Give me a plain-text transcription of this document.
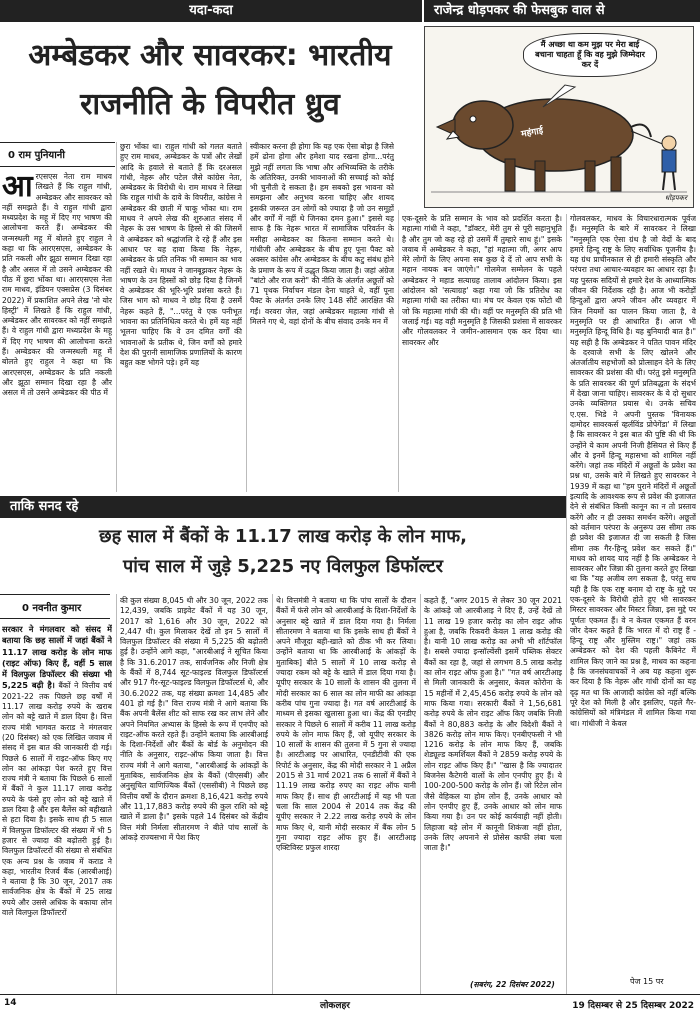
यदा-कदा	राजेन्द्र धोड़पकर की फेसबुक वाल से
अम्बेडकर और सावरकर: भारतीय
राजनीति के विपरीत ध्रुव
मैं अच्छा था कम मुझ पर मेरा बाई बचाना चाहता हूँ कि वह मुझे जिम्मेदार कर दें
महंगाई
धोड़पकर
0 राम पुनियानी
आरएसएस नेता राम माधव लिखते हैं कि राहुल गांधी, अम्बेडकर और सावरकर को नहीं समझते हैं। वे राहुल गांधी द्वारा मध्यप्रदेश के महू में दिए गए भाषण की आलोचना करते हैं। अम्बेडकर की जन्मस्थली महू में बोलते हुए राहुल ने कहा था कि आरएसएस, अम्बेडकर के प्रति नकली और झूठा सम्मान दिखा रहा है और असल में तो उसने अम्बेडकर की पीठ में छुरा भोंका था। आरएसएस नेता राम माधव, इंडियन एक्सप्रेस (3 दिसंबर 2022) में प्रकाशित अपने लेख 'नो योर हिस्ट्री' में लिखते हैं कि राहुल गांधी, अम्बेडकर और सावरकर को नहीं समझते हैं। वे राहुल गांधी द्वारा मध्यप्रदेश के महू में दिए गए भाषण की आलोचना करते हैं। अम्बेडकर की जन्मस्थली महू में बोलते हुए राहुल ने कहा था कि आरएसएस, अम्बेडकर के प्रति नकली और झूठा सम्मान दिखा रहा है और असल में तो उसने अम्बेडकर की पीठ में
छुरा भोंका था। राहुल गांधी को गलत बताते हुए राम माधव, अम्बेडकर के पत्रों और लेखों आदि के हवाले से बताते हैं कि दरअसल गांधी, नेहरू और पटेल जैसे कांग्रेस नेता, अम्बेडकर के विरोधी थे। राम माधव ने लिखा कि राहुल गांधी के दावे के विपरीत, कांग्रेस ने अम्बेडकर की छाती में चाकू भोंका था। राम माधव ने अपने लेख की शुरुआत संसद में नेहरू के उस भाषण के हिस्से से की जिसमें वे अम्बेडकर को श्रद्धांजलि दे रहे हैं और इस आधार पर यह दावा किया कि नेहरू, अम्बेडकर के प्रति तनिक भी सम्मान का भाव नहीं रखते थे। माधव ने जानबूझकर नेहरू के भाषण के उन हिस्सों को छोड़ दिया है जिनमें वे अम्बेडकर की भूरि-भूरि प्रशंसा करते हैं। जिस भाग को माधव ने छोड़ दिया है उसमें नेहरू कहते हैं, "...परंतु वे एक पनीभूत भावना का प्रतिनिधित्व करते थे। हमें यह नहीं भूलना चाहिए कि वे उन दमित वर्गों की भावनाओं के प्रतीक थे, जिन वर्गों को हमारे देश की पुरानी सामाजिक प्रणालियों के कारण बहुत कष्ट भोगने पड़े। हमें यह
स्वीकार करना ही होगा कि यह एक ऐसा बोझ है जिसे हमें ढोना होगा और हमेशा याद रखना होगा...परंतु मुझे नहीं लगता कि भाषा और अभिव्यक्ति के तरीके के अतिरिक्त, उनकी भावनाओं की सच्चाई को कोई भी चुनौती दे सकता है। हम सबको इस भावना को समझना और अनुभव करना चाहिए और शायद इसकी जरूरत उन लोगों को ज्यादा है जो उन समूहों और वर्गों में नहीं थे जिनका दमन हुआ।" इससे यह साफ है कि नेहरू भारत में सामाजिक परिवर्तन के मसीहा अम्बेडकर का कितना सम्मान करते थे। गांधीजी और अम्बेडकर के बीच हुए पूना पैक्ट को अक्सर कांग्रेस और अम्बेडकर के बीच कटु संबंध होने के प्रमाण के रूप में उद्धृत किया जाता है। जहां अंग्रेज "बांटो और राज करो" की नीति के अंतर्गत अछूतों को 71 पृथक निर्वाचन मंडल देना चाहते थे, वहीं पूना पैक्ट के अंतर्गत उनके लिए 148 सीटें आरक्षित की गईं। वरवरा जेल, जहां अम्बेडकर महात्मा गांधी से मिलने गए थे, वहां दोनों के बीच संवाद उनके मन में
एक-दूसरे के प्रति सम्मान के भाव को प्रदर्शित करता है। महात्मा गांधी ने कहा, "डॉक्टर, मेरी तुम से पूरी सहानुभूति है और तुम जो कह रहे हो उसमें मैं तुम्हारे साथ हूं।" इसके जवाब में अम्बेडकर ने कहा, "हां महात्मा जी, अगर आप मेरे लोगों के लिए अपना सब कुछ दे दें तो आप सभी के महान नायक बन जाएंगे।" गोलमेज सम्मेलन के पहले अम्बेडकर ने महाड सत्याग्रह तालाब आंदोलन किया। इस आंदोलन को 'सत्याग्रह' कहा गया जो कि प्रतिरोध का महात्मा गांधी का तरीका था। मंच पर केवल एक फोटो थी जो कि महात्मा गांधी की थी। वहीं पर मनुस्मृति की प्रति भी जलाई गई। यह वही मनुस्मृति है जिसकी प्रशंसा में सावरकर और गोलवलकर ने जमीन-आसमान एक कर दिया था। सावरकर और
गोलवलकर, माधव के विचारधारात्मक पूर्वज हैं। मनुस्मृति के बारे में सावरकर ने लिखा "मनुस्मृति एक ऐसा ग्रंथ है जो वेदों के बाद हमारे हिन्दू राष्ट्र के लिए सर्वाधिक पूजनीय है। यह ग्रंथ प्राचीनकाल से ही हमारी संस्कृति और परंपरा तथा आचार-व्यवहार का आधार रहा है। यह पुस्तक सदियों से हमारे देश के आध्यात्मिक जीवन की निर्देशक रही है। आज भी करोड़ों हिन्दुओं द्वारा अपने जीवन और व्यवहार में जिन नियमों का पालन किया जाता है, वे मनुस्मृति पर ही आधारित हैं। आज भी मनुस्मृति हिन्दू विधि है। यह बुनियादी बात है।" यह सही है कि अम्बेडकर ने पतित पावन मंदिर के दरवाजे सभी के लिए खोलने और अंतर्जातीय सहभोजों को प्रोत्साहन देने के लिए सावरकर की प्रशंसा की थी। परंतु इसे मनुस्मृति के प्रति सावरकर की पूर्ण प्रतिबद्धता के संदर्भ में देखा जाना चाहिए। सावरकर के ये दो सुधार उनके व्यक्तिगत प्रयास थे। उनके सचिव ए.एस. भिडे ने अपनी पुस्तक 'विनायक दामोदर सावरकर्स व्हर्लविंड प्रोपेगेंडा' में लिखा है कि सावरकर ने इस बात की पुष्टि की थी कि उन्होंने ये काम अपनी निजी हैसियत से किए हैं और वे इनमें हिन्दू महासभा को शामिल नहीं करेंगे। जहां तक मंदिरों में अछूतों के प्रवेश का प्रश्न था, उसके बारे में लिखते हुए सावरकर ने 1939 में कहा था "हम पुराने मंदिरों में अछूतों इत्यादि के आवश्यक रूप से प्रवेश की इजाजत देने से संबंधित किसी कानून का न तो प्रस्ताव करेंगे और न ही उसका समर्थन करेंगे। अछूतों को वर्तमान परंपरा के अनुरूप उस सीमा तक ही प्रवेश की इजाजत दी जा सकती है जिस सीमा तक गैर-हिन्दू प्रवेश कर सकते हैं।" माधव को शायद याद नहीं है कि अम्बेडकर ने सावरकर और जिन्ना की तुलना करते हुए लिखा था कि "यह अजीब लग सकता है, परंतु सच यही है कि एक राष्ट्र बनाम दो राष्ट्र के मुद्दे पर एक-दूसरे के विरोधी होते हुए भी सावरकर मिस्टर सावरकर और मिस्टर जिन्ना, इस मुद्दे पर पूर्णतः एकमत हैं। वे न केवल एकमत हैं वरन जोर देकर कहते हैं कि भारत में दो राष्ट्र हैं - हिन्दू राष्ट्र और मुस्लिम राष्ट्र।" जहां तक अम्बेडकर को देश की पहली कैबिनेट में शामिल किए जाने का प्रश्न है, माधव का कहना है कि जनसंघवाचकों ने अब यह कहना शुरू कर दिया है कि नेहरू और गांधी दोनों का यह दृढ़ मत था कि आजादी कांग्रेस को नहीं बल्कि पूरे देश को मिली है और इसलिए, पहले गैर-कांग्रेसियों को मंत्रिमंडल में शामिल किया गया था। गांधीजी ने केवल
पेज 15 पर
ताकि सनद रहे
छह साल में बैंकों के 11.17 लाख करोड़ के लोन माफ,
पांच साल में जुड़े 5,225 नए विलफुल डिफॉल्टर
0 नवनीत कुमार
सरकार ने मंगलवार को संसद में बताया कि छह सालों में जहां बैंकों ने 11.17 लाख करोड़ के लोन माफ (राइट ऑफ) किए हैं, वहीं 5 साल में विलफुल डिफॉल्टर की संख्या भी 5,225 बढ़ी है। बैंकों ने वित्तीय वर्ष 2021-22 तक पिछले छह वर्षों में 11.17 लाख करोड़ रुपये के खराब लोन को बट्टे खाते में डाल दिया है। वित्त राज्य मंत्री भागवत कराड ने मंगलवार (20 दिसंबर) को एक लिखित जवाब में संसद में इस बात की जानकारी दी गई। पिछले 6 सालों में राइट-ऑफ किए गए लोन का आंकड़ा पेश करते हुए वित्त राज्य मंत्री ने बताया कि पिछले 6 सालों में बैंकों ने कुल 11.17 लाख करोड़ रुपये के फंसे हुए लोन को बट्टे खाते में डाल दिया है और इस बैलेंस को बहीखाते से हटा दिया है। इसके साथ ही 5 साल में विलफुल डिफॉल्टर की संख्या में भी 5 हजार से ज्यादा की बढ़ोतरी हुई है। विलफुल डिफॉल्टरों की संख्या से संबंधित एक अन्य प्रश्न के जवाब में कराड ने कहा, भारतीय रिजर्व बैंक (आरबीआई) ने बताया है कि 30 जून, 2017 तक सार्वजनिक क्षेत्र के बैंकों में 25 लाख रुपये और उससे अधिक के बकाया लोन वाले विलफुल डिफॉल्टरों
की कुल संख्या 8,045 थी और 30 जून, 2022 तक 12,439, जबकि प्राइवेट बैंकों में यह 30 जून, 2017 को 1,616 और 30 जून, 2022 को 2,447 थी। कुल मिलाकर देखें तो इन 5 सालों में विलफुल डिफॉल्टर की संख्या में 5,225 की बढ़ोतरी हुई है। उन्होंने आगे कहा, "आरबीआई ने सूचित किया है कि 31.6.2017 तक, सार्वजनिक और निजी क्षेत्र के बैंकों में 8,744 सूट-फाइल्ड विलफुल डिफॉल्टर्स और 917 गैर-सूट-फाइल्ड विलफुल डिफॉल्टर्स थे, और 30.6.2022 तक, यह संख्या क्रमशः 14,485 और 401 हो गई है।" वित्त राज्य मंत्री ने आगे बताया कि बैंक अपनी बैलेंस शीट को साफ रख कर लाभ लेने और अपने नियमित अभ्यास के हिस्से के रूप में एनपीए को राइट-ऑफ करते रहते हैं। उन्होंने बताया कि आरबीआई के दिशा-निर्देशों और बैंकों के बोर्ड के अनुमोदन की नीति के अनुसार, राइट-ऑफ किया जाता है। वित्त राज्य मंत्री ने आगे बताया, "आरबीआई के आंकड़ों के मुताबिक, सार्वजनिक क्षेत्र के बैंकों (पीएसबी) और अनुसूचित वाणिज्यिक बैंकों (एससीबी) ने पिछले छह वित्तीय वर्षों के दौरान क्रमशः 8,16,421 करोड़ रुपये और 11,17,883 करोड़ रुपये की कुल राशि को बट्टे खाते में डाला है।" इसके पहले 14 दिसंबर को केंद्रीय वित्त मंत्री निर्मला सीतारमण ने बीते पांच सालों के आंकड़े राज्यसभा में पेश किए
थे। वित्तमंत्री ने बताया था कि पांच सालों के दौरान बैंकों में फंसे लोन को आरबीआई के दिशा-निर्देशों के अनुसार बट्टे खाते में डाल दिया गया है। निर्मला सीतारमण ने बताया था कि इसके साथ ही बैंकों ने अपने मौजूदा बही-खाते को ठीक भी कर लिया। उन्होंने बताया था कि आरबीआई के आंकड़ों के मुताबिक] बीते 5 सालों में 10 लाख करोड़ से ज्यादा रकम को बट्टे के खाते में डाल दिया गया है। यूपीए सरकार के 10 सालों के शासन की तुलना में मोदी सरकार का 6 साल का लोन माफी का आंकड़ा करीब पांच गुना ज्यादा है। गत वर्ष आरटीआई के माध्यम से इसका खुलासा हुआ था। केंद्र की एनडीए सरकार ने पिछले 6 सालों में करीब 11 लाख करोड़ रुपये के लोन माफ किए हैं, जो यूपीए सरकार के 10 सालों के शासन की तुलना में 5 गुना से ज्यादा है। आरटीआइ पर आधारित, एनडीटीवी की एक रिपोर्ट के अनुसार, केंद्र की मोदी सरकार ने 1 अप्रैल 2015 से 31 मार्च 2021 तक 6 सालों में बैंकों ने 11.19 लाख करोड़ रुपए का राइट ऑफ यानी माफ किए हैं। साथ ही आरटीआई में यह भी पता चला कि साल 2004 से 2014 तक केंद्र की यूपीए सरकार ने 2.22 लाख करोड़ रुपये के लोन माफ किए थे, यानी मोदी सरकार में बैंक लोन 5 गुना ज्यादा राइट ऑफ हुए हैं। आरटीआइ एक्टिविस्ट प्रफुल शारदा
कहते हैं, "अगर 2015 से लेकर 30 जून 2021 के आंकड़े जो आरबीआइ ने दिए हैं, उन्हें देखें तो 11 लाख 19 हजार करोड़ का लोन राइट ऑफ हुआ है, जबकि रिकवरी केवल 1 लाख करोड़ की है। यानी 10 लाख करोड़ का अभी भी शॉर्टफॉल है। सबसे ज्यादा इन्सॉल्वेंसी इसमें पब्लिक सेक्टर बैंकों का रहा है, जहां से लगभग 8.5 लाख करोड़ का लोन राइट ऑफ हुआ है।" "गत वर्ष आरटीआइ से मिली जानकारी के अनुसार, केवल कोरोना के 15 महीनों में 2,45,456 करोड़ रुपये के लोन को माफ किया गया। सरकारी बैंकों ने 1,56,681 करोड़ रुपये के लोन राइट ऑफ किए जबकि निजी बैंकों ने 80,883 करोड़ के और विदेशी बैंकों ने 3826 करोड़ लोन माफ किए। एनबीएफसी ने भी 1216 करोड़ के लोन माफ किए हैं, जबकि शेड्यूल्ड कमर्शियल बैंकों ने 2859 करोड़ रुपये के लोन राइट ऑफ किए हैं।" "खास है कि ज्यादातर बिजनेस कैटेगरी वालों के लोन एनपीए हुए हैं। ये 100-200-500 करोड़ के लोन हैं। जो रिटेल लोन जैसे वेहिकल या होम लोन हैं, उनके आधार को लोन एनपीए हुए हैं, उनके आधार को लोन माफ किया गया है। उन पर कोई कार्यवाही नहीं होती। लिहाजा बड़े लोन में कानूनी शिकंजा नहीं होता, उनके लिए अपनाने से प्रोसेस काफी लंबा चला जाता है।"
(सबरंग, 22 दिसंबर 2022)
14	लोकलहर	19 दिसम्बर से 25 दिसम्बर 2022
